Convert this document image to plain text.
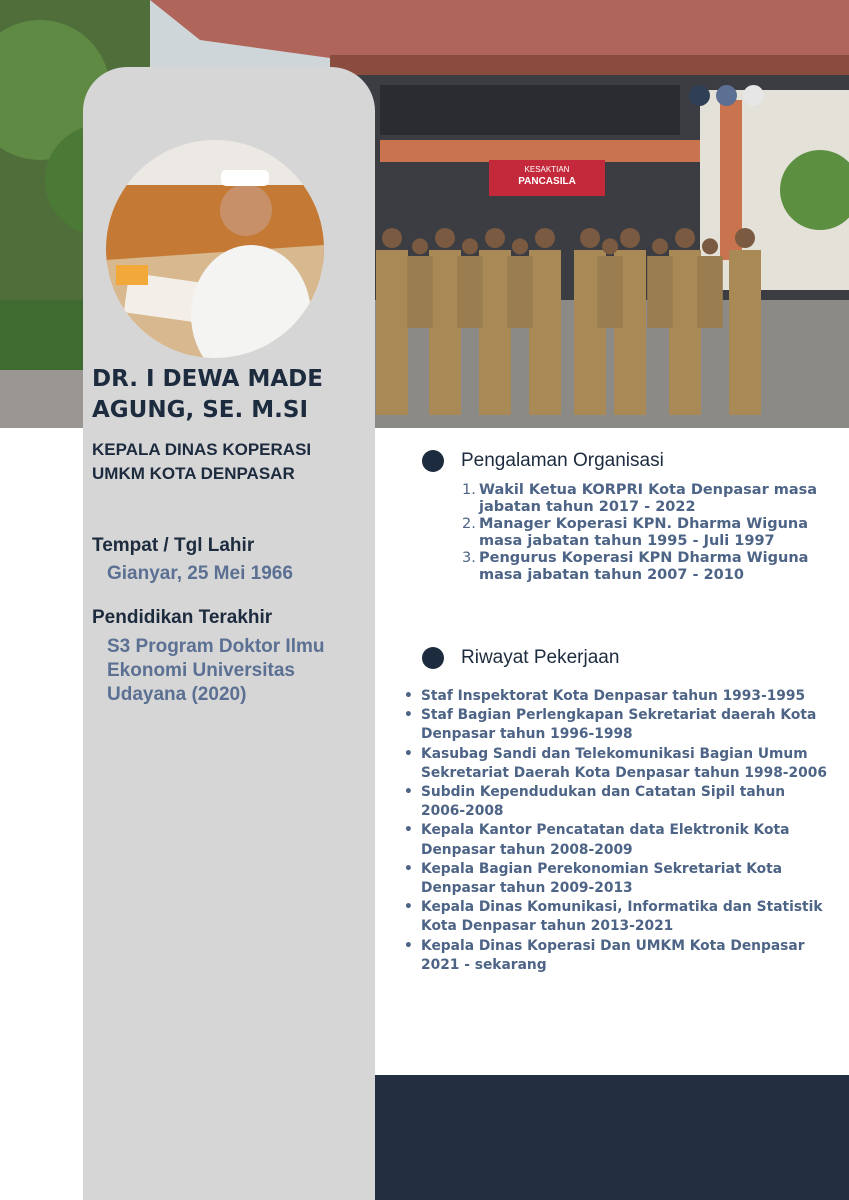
KESAKTIAN
PANCASILA
DR. I DEWA MADE AGUNG, SE. M.SI

KEPALA DINAS KOPERASI UMKM KOTA DENPASAR

Tempat / Tgl Lahir

Gianyar, 25 Mei 1966

Pendidikan Terakhir

S3 Program Doktor Ilmu Ekonomi Universitas Udayana (2020)

Pengalaman Organisasi
1. Wakil Ketua KORPRI Kota Denpasar masa jabatan tahun 2017 - 2022
2. Manager Koperasi KPN. Dharma Wiguna masa jabatan tahun 1995 - Juli 1997
3. Pengurus Koperasi KPN Dharma Wiguna masa jabatan tahun 2007 - 2010
Riwayat Pekerjaan
• Staf Inspektorat Kota Denpasar tahun 1993-1995
• Staf Bagian Perlengkapan Sekretariat daerah Kota Denpasar tahun 1996-1998
• Kasubag Sandi dan Telekomunikasi Bagian Umum Sekretariat Daerah Kota Denpasar tahun 1998-2006
• Subdin Kependudukan dan Catatan Sipil tahun 2006-2008
• Kepala Kantor Pencatatan data Elektronik Kota Denpasar tahun 2008-2009
• Kepala Bagian Perekonomian Sekretariat Kota Denpasar tahun 2009-2013
• Kepala Dinas Komunikasi, Informatika dan Statistik Kota Denpasar tahun 2013-2021
• Kepala Dinas Koperasi Dan UMKM Kota Denpasar 2021 - sekarang
